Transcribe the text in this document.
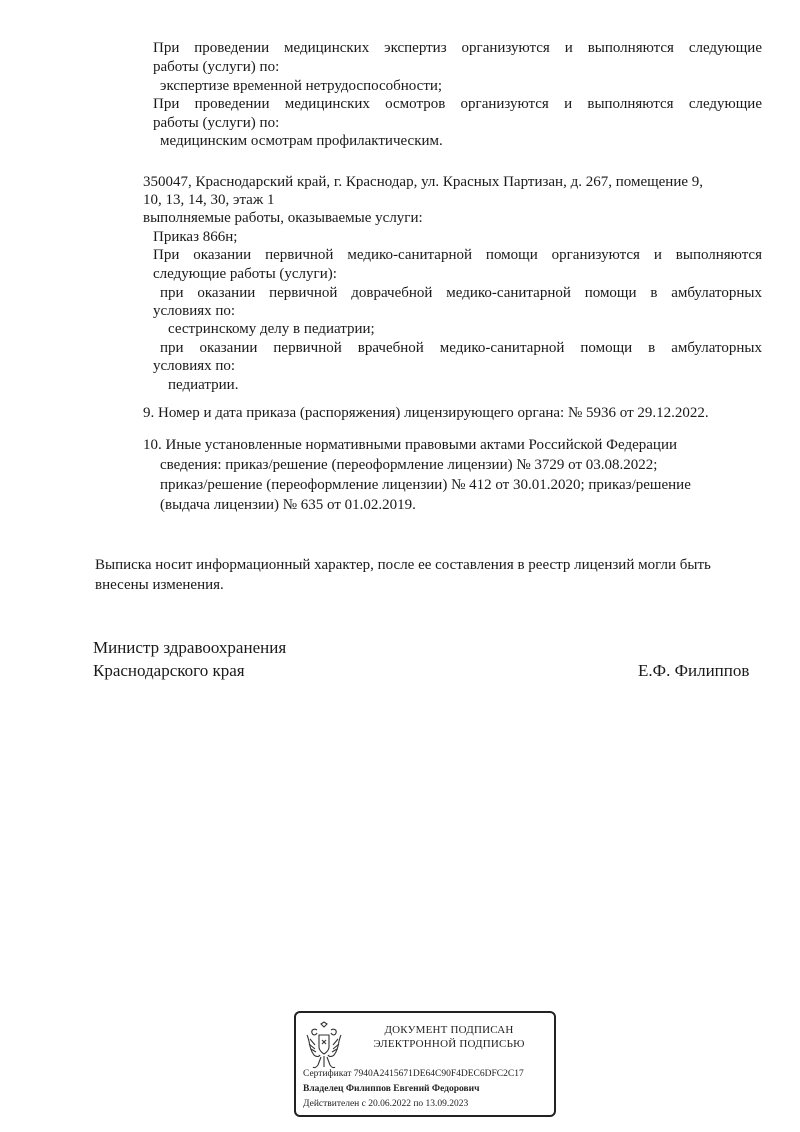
При проведении медицинских экспертиз организуются и выполняются следующие
работы (услуги) по:
экспертизе временной нетрудоспособности;
При проведении медицинских осмотров организуются и выполняются следующие
работы (услуги) по:
медицинским осмотрам профилактическим.
350047, Краснодарский край, г. Краснодар, ул. Красных Партизан, д. 267, помещение 9,
10, 13, 14, 30, этаж 1
выполняемые работы, оказываемые услуги:
Приказ 866н;
При оказании первичной медико-санитарной помощи организуются и выполняются
следующие работы (услуги):
при оказании первичной доврачебной медико-санитарной помощи в амбулаторных
условиях по:
сестринскому делу в педиатрии;
при оказании первичной врачебной медико-санитарной помощи в амбулаторных
условиях по:
педиатрии.
9. Номер и дата приказа (распоряжения) лицензирующего органа: № 5936 от 29.12.2022.
10. Иные установленные нормативными правовыми актами Российской Федерации
сведения: приказ/решение (переоформление лицензии) № 3729 от 03.08.2022;
приказ/решение (переоформление лицензии) № 412 от 30.01.2020; приказ/решение
(выдача лицензии) № 635 от 01.02.2019.
Выписка носит информационный характер, после ее составления в реестр лицензий могли быть
внесены изменения.
Министр здравоохранения
Краснодарского края	Е.Ф. Филиппов
ДОКУМЕНТ ПОДПИСАН
ЭЛЕКТРОННОЙ ПОДПИСЬЮ
Сертификат 7940A2415671DE64C90F4DEC6DFC2C17
Владелец Филиппов Евгений Федорович
Действителен с 20.06.2022 по 13.09.2023
